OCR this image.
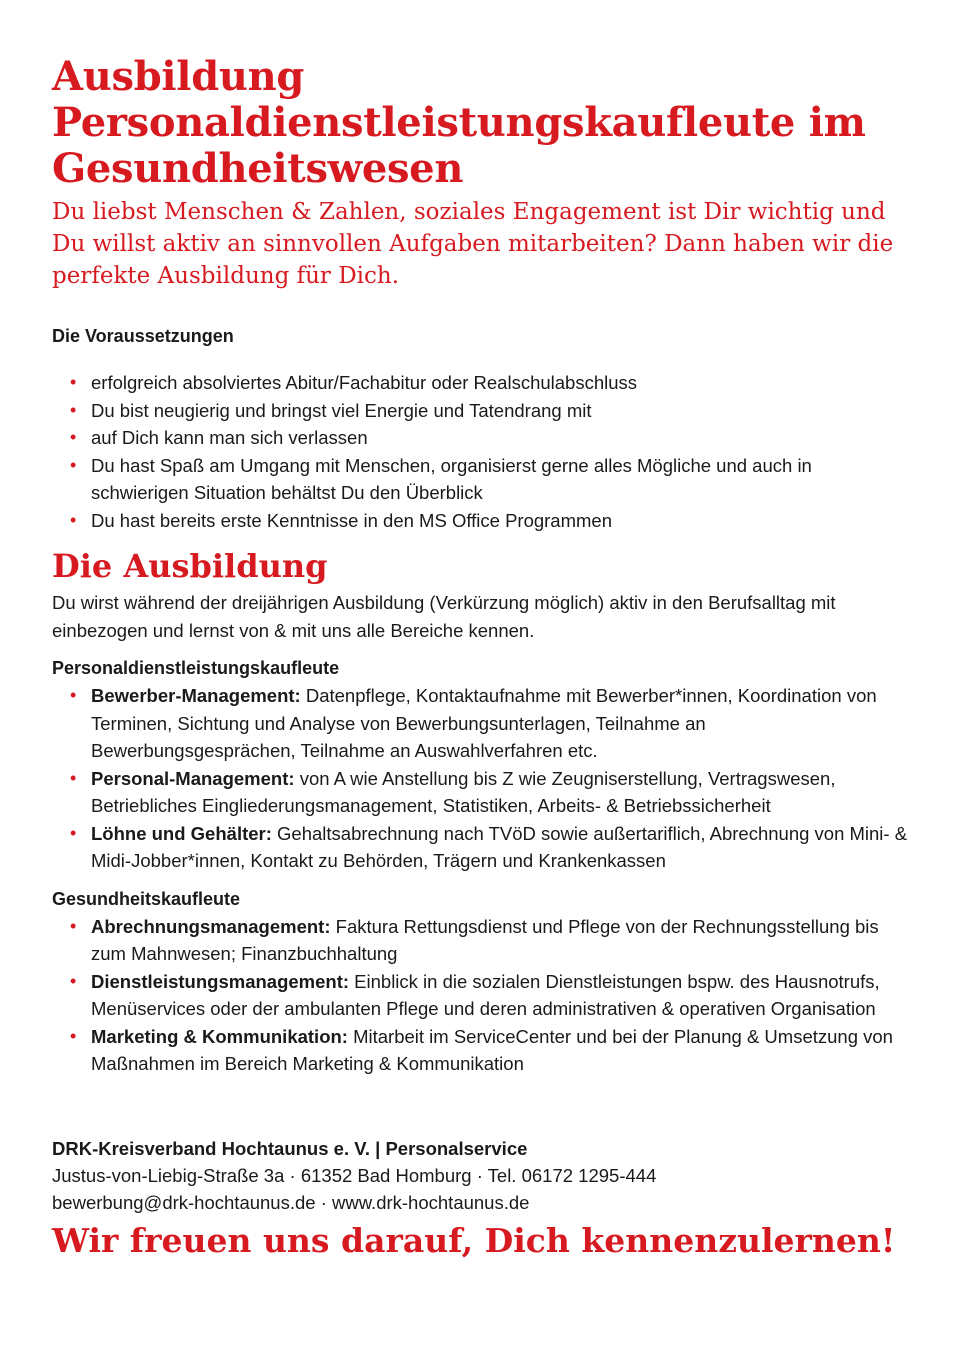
Ausbildung
Personaldienstleistungskaufleute im
Gesundheitswesen
Du liebst Menschen & Zahlen, soziales Engagement ist Dir wichtig und
Du willst aktiv an sinnvollen Aufgaben mitarbeiten? Dann haben wir die
perfekte Ausbildung für Dich.
Die Voraussetzungen
• erfolgreich absolviertes Abitur/Fachabitur oder Realschulabschluss
• Du bist neugierig und bringst viel Energie und Tatendrang mit
• auf Dich kann man sich verlassen
• Du hast Spaß am Umgang mit Menschen, organisierst gerne alles Mögliche und auch in schwierigen Situation behältst Du den Überblick
• Du hast bereits erste Kenntnisse in den MS Office Programmen
Die Ausbildung

Du wirst während der dreijährigen Ausbildung (Verkürzung möglich) aktiv in den Berufsalltag mit einbezogen und lernst von & mit uns alle Bereiche kennen.

Personaldienstleistungskaufleute
• Bewerber-Management: Datenpflege, Kontaktaufnahme mit Bewerber*innen, Koordination von Terminen, Sichtung und Analyse von Bewerbungsunterlagen, Teilnahme an Bewerbungsgesprächen, Teilnahme an Auswahlverfahren etc.
• Personal-Management: von A wie Anstellung bis Z wie Zeugniserstellung, Vertragswesen, Betriebliches Eingliederungsmanagement, Statistiken, Arbeits- & Betriebssicherheit
• Löhne und Gehälter: Gehaltsabrechnung nach TVöD sowie außertariflich, Abrechnung von Mini- & Midi-Jobber*innen, Kontakt zu Behörden, Trägern und Krankenkassen
Gesundheitskaufleute
• Abrechnungsmanagement: Faktura Rettungsdienst und Pflege von der Rechnungsstellung bis zum Mahnwesen; Finanzbuchhaltung
• Dienstleistungsmanagement: Einblick in die sozialen Dienstleistungen bspw. des Hausnotrufs, Menüservices oder der ambulanten Pflege und deren administrativen & operativen Organisation
• Marketing & Kommunikation: Mitarbeit im ServiceCenter und bei der Planung & Umsetzung von Maßnahmen im Bereich Marketing & Kommunikation

DRK-Kreisverband Hochtaunus e. V. | Personalservice

Justus-von-Liebig-Straße 3a · 61352 Bad Homburg · Tel. 06172 1295-444

bewerbung@drk-hochtaunus.de · www.drk-hochtaunus.de

Wir freuen uns darauf, Dich kennenzulernen!
